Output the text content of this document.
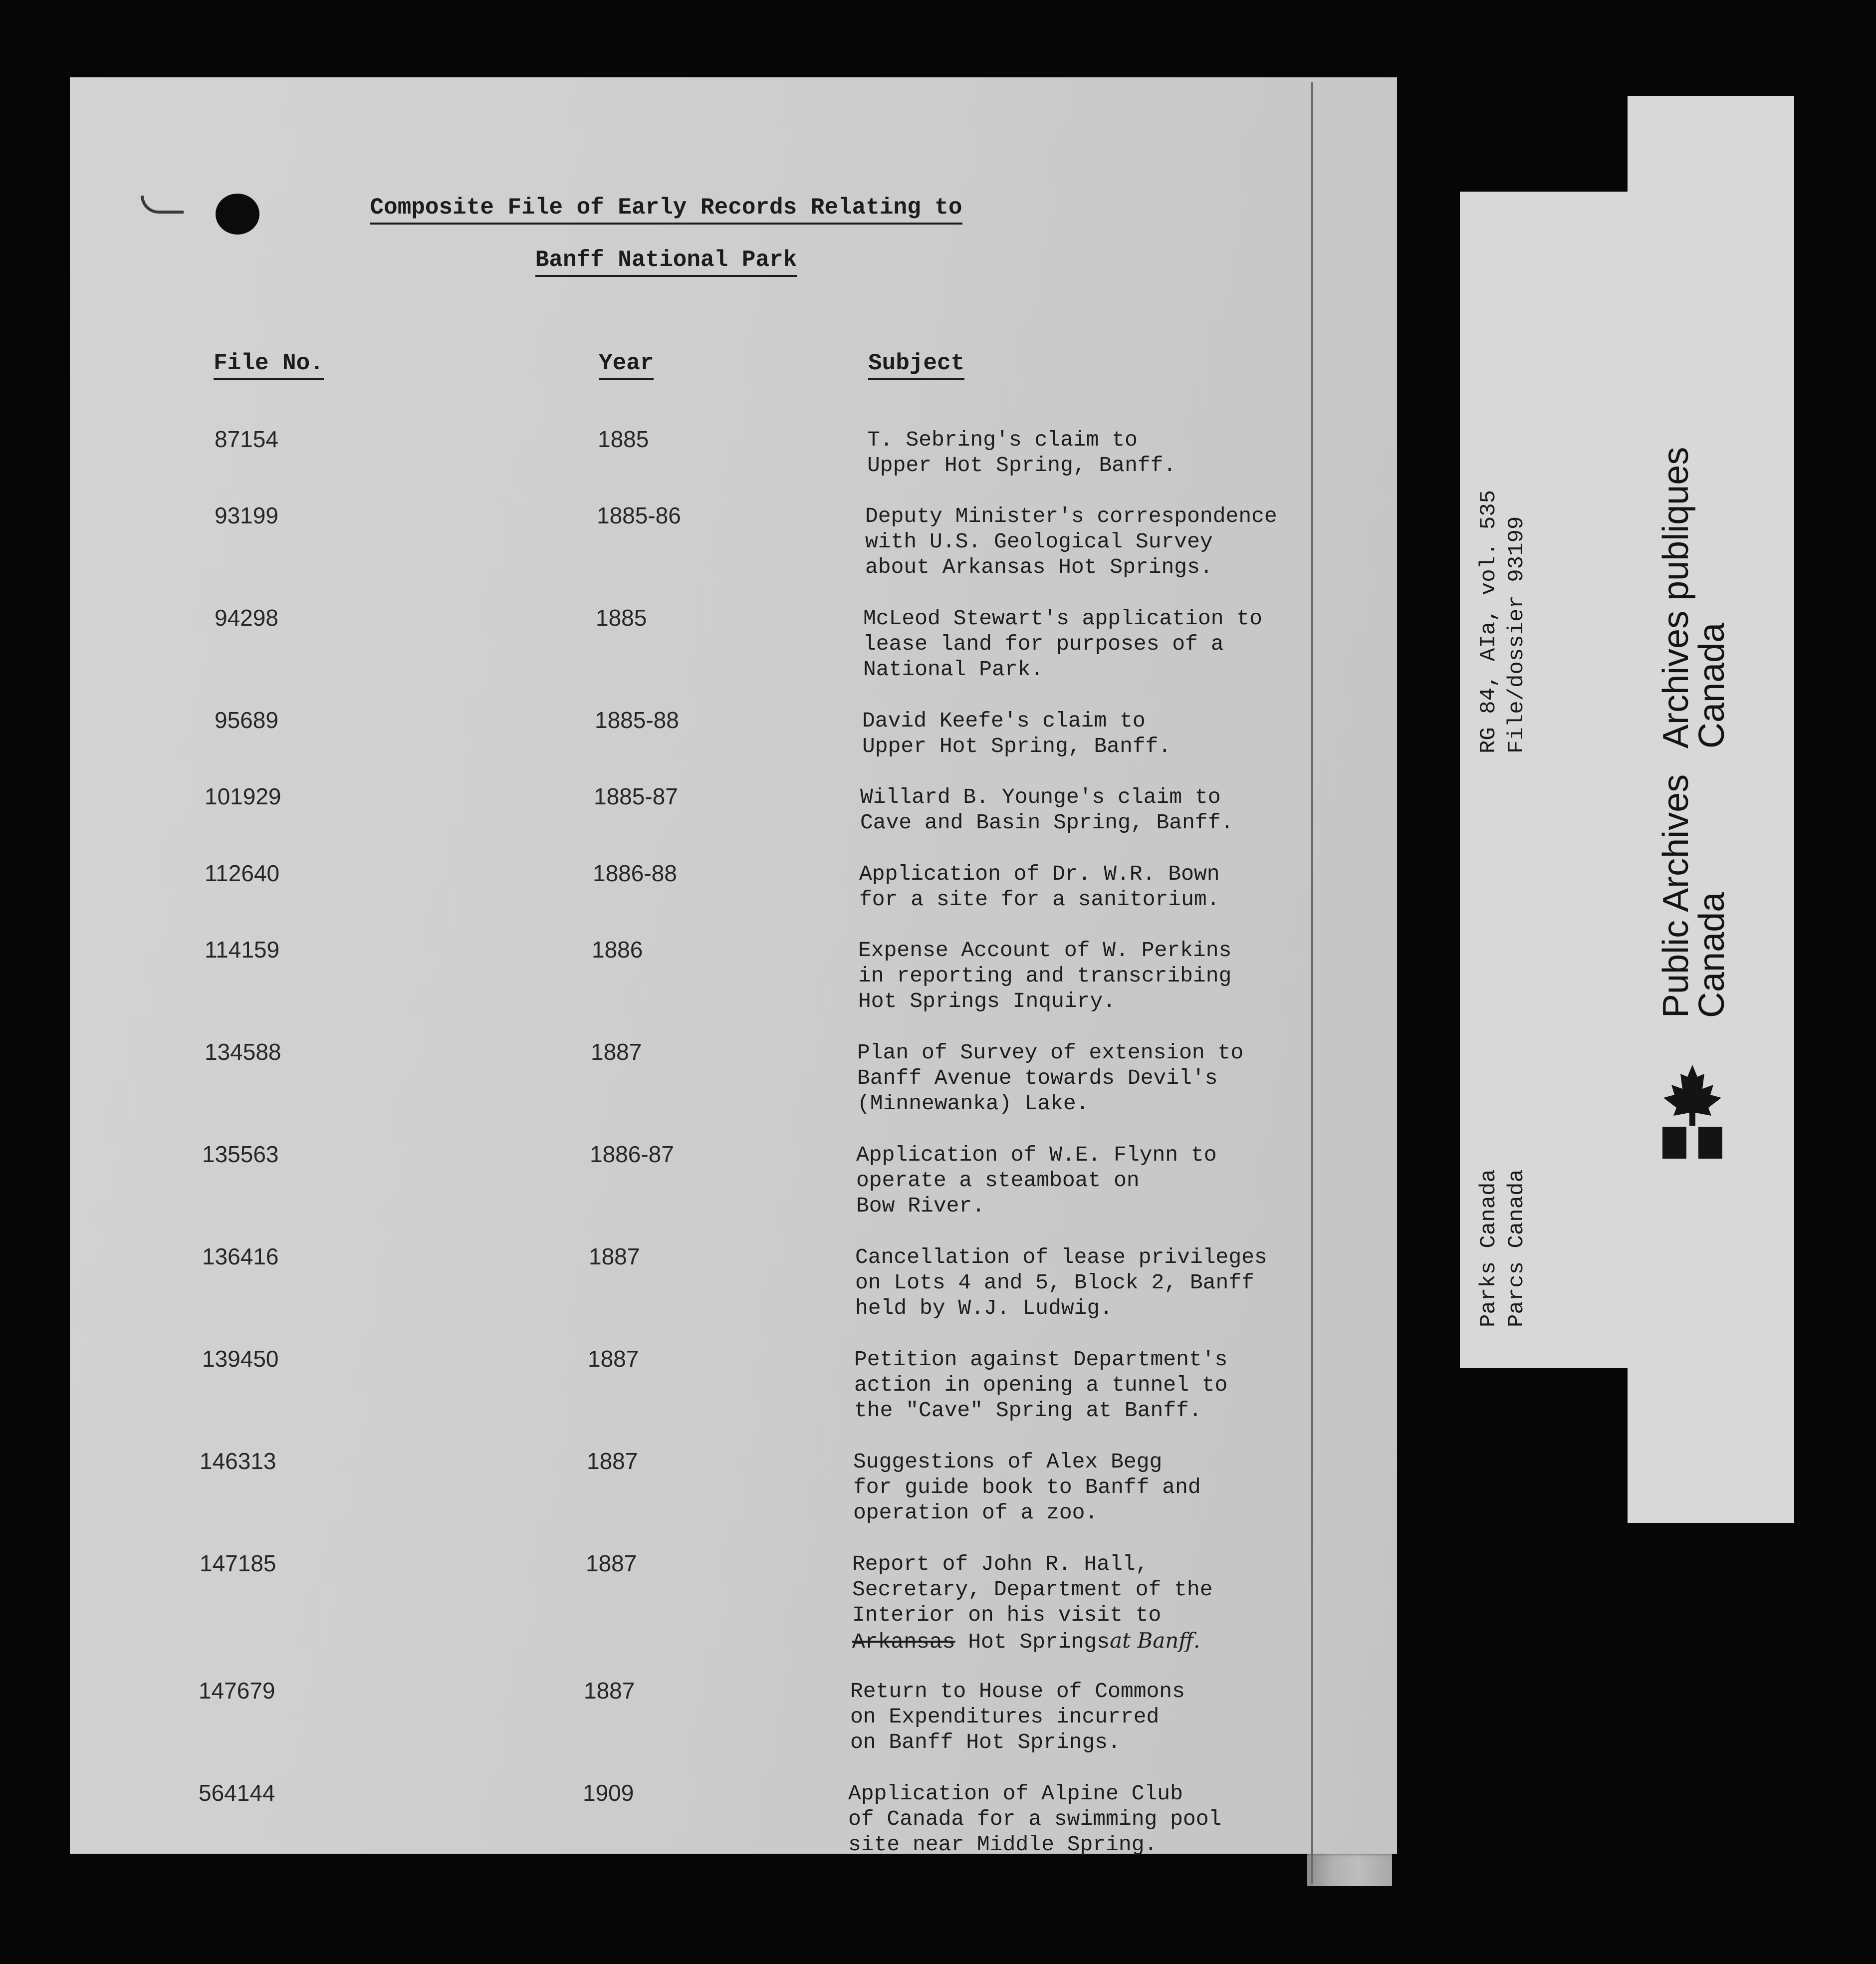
Composite File of Early Records Relating to
Banff National Park
File No.	Year	Subject
87154	1885	T. Sebring's claim to
Upper Hot Spring, Banff.
93199	1885-86	Deputy Minister's correspondence
with U.S. Geological Survey
about Arkansas Hot Springs.
94298	1885	McLeod Stewart's application to
lease land for purposes of a
National Park.
95689	1885-88	David Keefe's claim to
Upper Hot Spring, Banff.
101929	1885-87	Willard B. Younge's claim to
Cave and Basin Spring, Banff.
112640	1886-88	Application of Dr. W.R. Bown
for a site for a sanitorium.
114159	1886	Expense Account of W. Perkins
in reporting and transcribing
Hot Springs Inquiry.
134588	1887	Plan of Survey of extension to
Banff Avenue towards Devil's
(Minnewanka) Lake.
135563	1886-87	Application of W.E. Flynn to
operate a steamboat on
Bow River.
136416	1887	Cancellation of lease privileges
on Lots 4 and 5, Block 2, Banff
held by W.J. Ludwig.
139450	1887	Petition against Department's
action in opening a tunnel to
the "Cave" Spring at Banff.
146313	1887	Suggestions of Alex Begg
for guide book to Banff and
operation of a zoo.
147185	1887	Report of John R. Hall,
Secretary, Department of the
Interior on his visit to
Arkansas Hot Springsat Banff.
147679	1887	Return to House of Commons
on Expenditures incurred
on Banff Hot Springs.
564144	1909	Application of Alpine Club
of Canada for a swimming pool
site near Middle Spring.
RG 84, AIa, vol. 535 File/dossier 93199
Parks Canada Parcs Canada
Public Archives
Canada
Archives publiques
Canada
